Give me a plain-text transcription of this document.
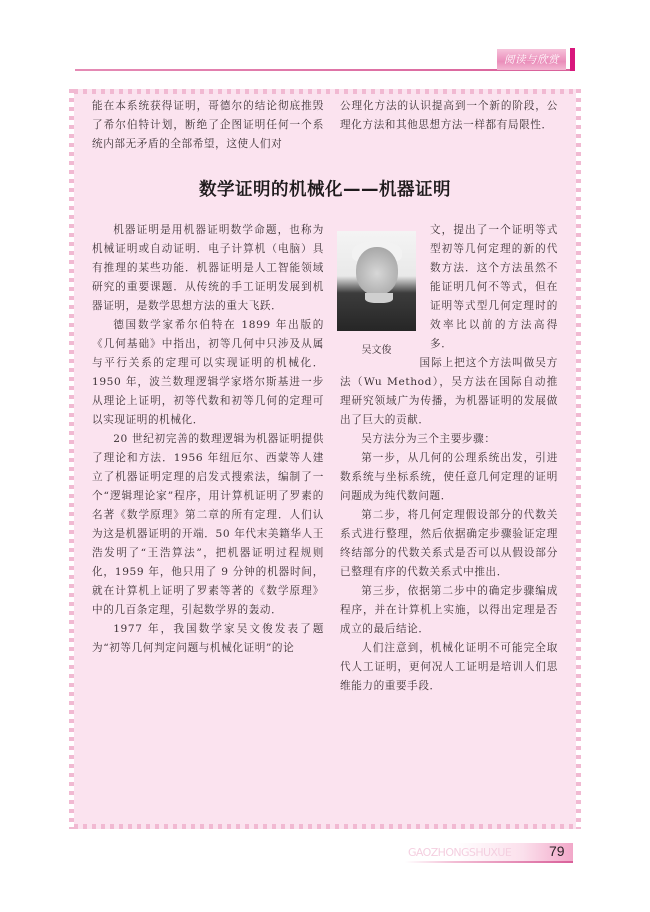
阅读与欣赏

能在本系统获得证明，哥德尔的结论彻底推毁了希尔伯特计划，断绝了企图证明任何一个系统内部无矛盾的全部希望，这使人们对

公理化方法的认识提高到一个新的阶段，公理化方法和其他思想方法一样都有局限性．

数学证明的机械化——机器证明

机器证明是用机器证明数学命题，也称为机械证明或自动证明．电子计算机（电脑）具有推理的某些功能．机器证明是人工智能领域研究的重要课题．从传统的手工证明发展到机器证明，是数学思想方法的重大飞跃．

德国数学家希尔伯特在 1899 年出版的《几何基础》中指出，初等几何中只涉及从属与平行关系的定理可以实现证明的机械化．1950 年，波兰数理逻辑学家塔尔斯基进一步从理论上证明，初等代数和初等几何的定理可以实现证明的机械化．

20 世纪初完善的数理逻辑为机器证明提供了理论和方法．1956 年纽厄尔、西蒙等人建立了机器证明定理的启发式搜索法，编制了一个“逻辑理论家”程序，用计算机证明了罗素的名著《数学原理》第二章的所有定理．人们认为这是机器证明的开端．50 年代末美籍华人王浩发明了“王浩算法”，把机器证明过程规则化，1959 年，他只用了 9 分钟的机器时间，就在计算机上证明了罗素等著的《数学原理》中的几百条定理，引起数学界的轰动．

1977 年，我国数学家吴文俊发表了题为“初等几何判定问题与机械化证明”的论

吴文俊

文，提出了一个证明等式型初等几何定理的新的代数方法．这个方法虽然不能证明几何不等式，但在证明等式型几何定理时的效率比以前的方法高得多．

国际上把这个方法叫做吴方法（Wu Method），吴方法在国际自动推理研究领域广为传播，为机器证明的发展做出了巨大的贡献．

吴方法分为三个主要步骤：

第一步，从几何的公理系统出发，引进数系统与坐标系统，使任意几何定理的证明问题成为纯代数问题．

第二步，将几何定理假设部分的代数关系式进行整理，然后依据确定步骤验证定理终结部分的代数关系式是否可以从假设部分已整理有序的代数关系式中推出．

第三步，依据第二步中的确定步骤编成程序，并在计算机上实施，以得出定理是否成立的最后结论．

人们注意到，机械化证明不可能完全取代人工证明，更何况人工证明是培训人们思维能力的重要手段．

GAOZHONGSHUXUE	79
